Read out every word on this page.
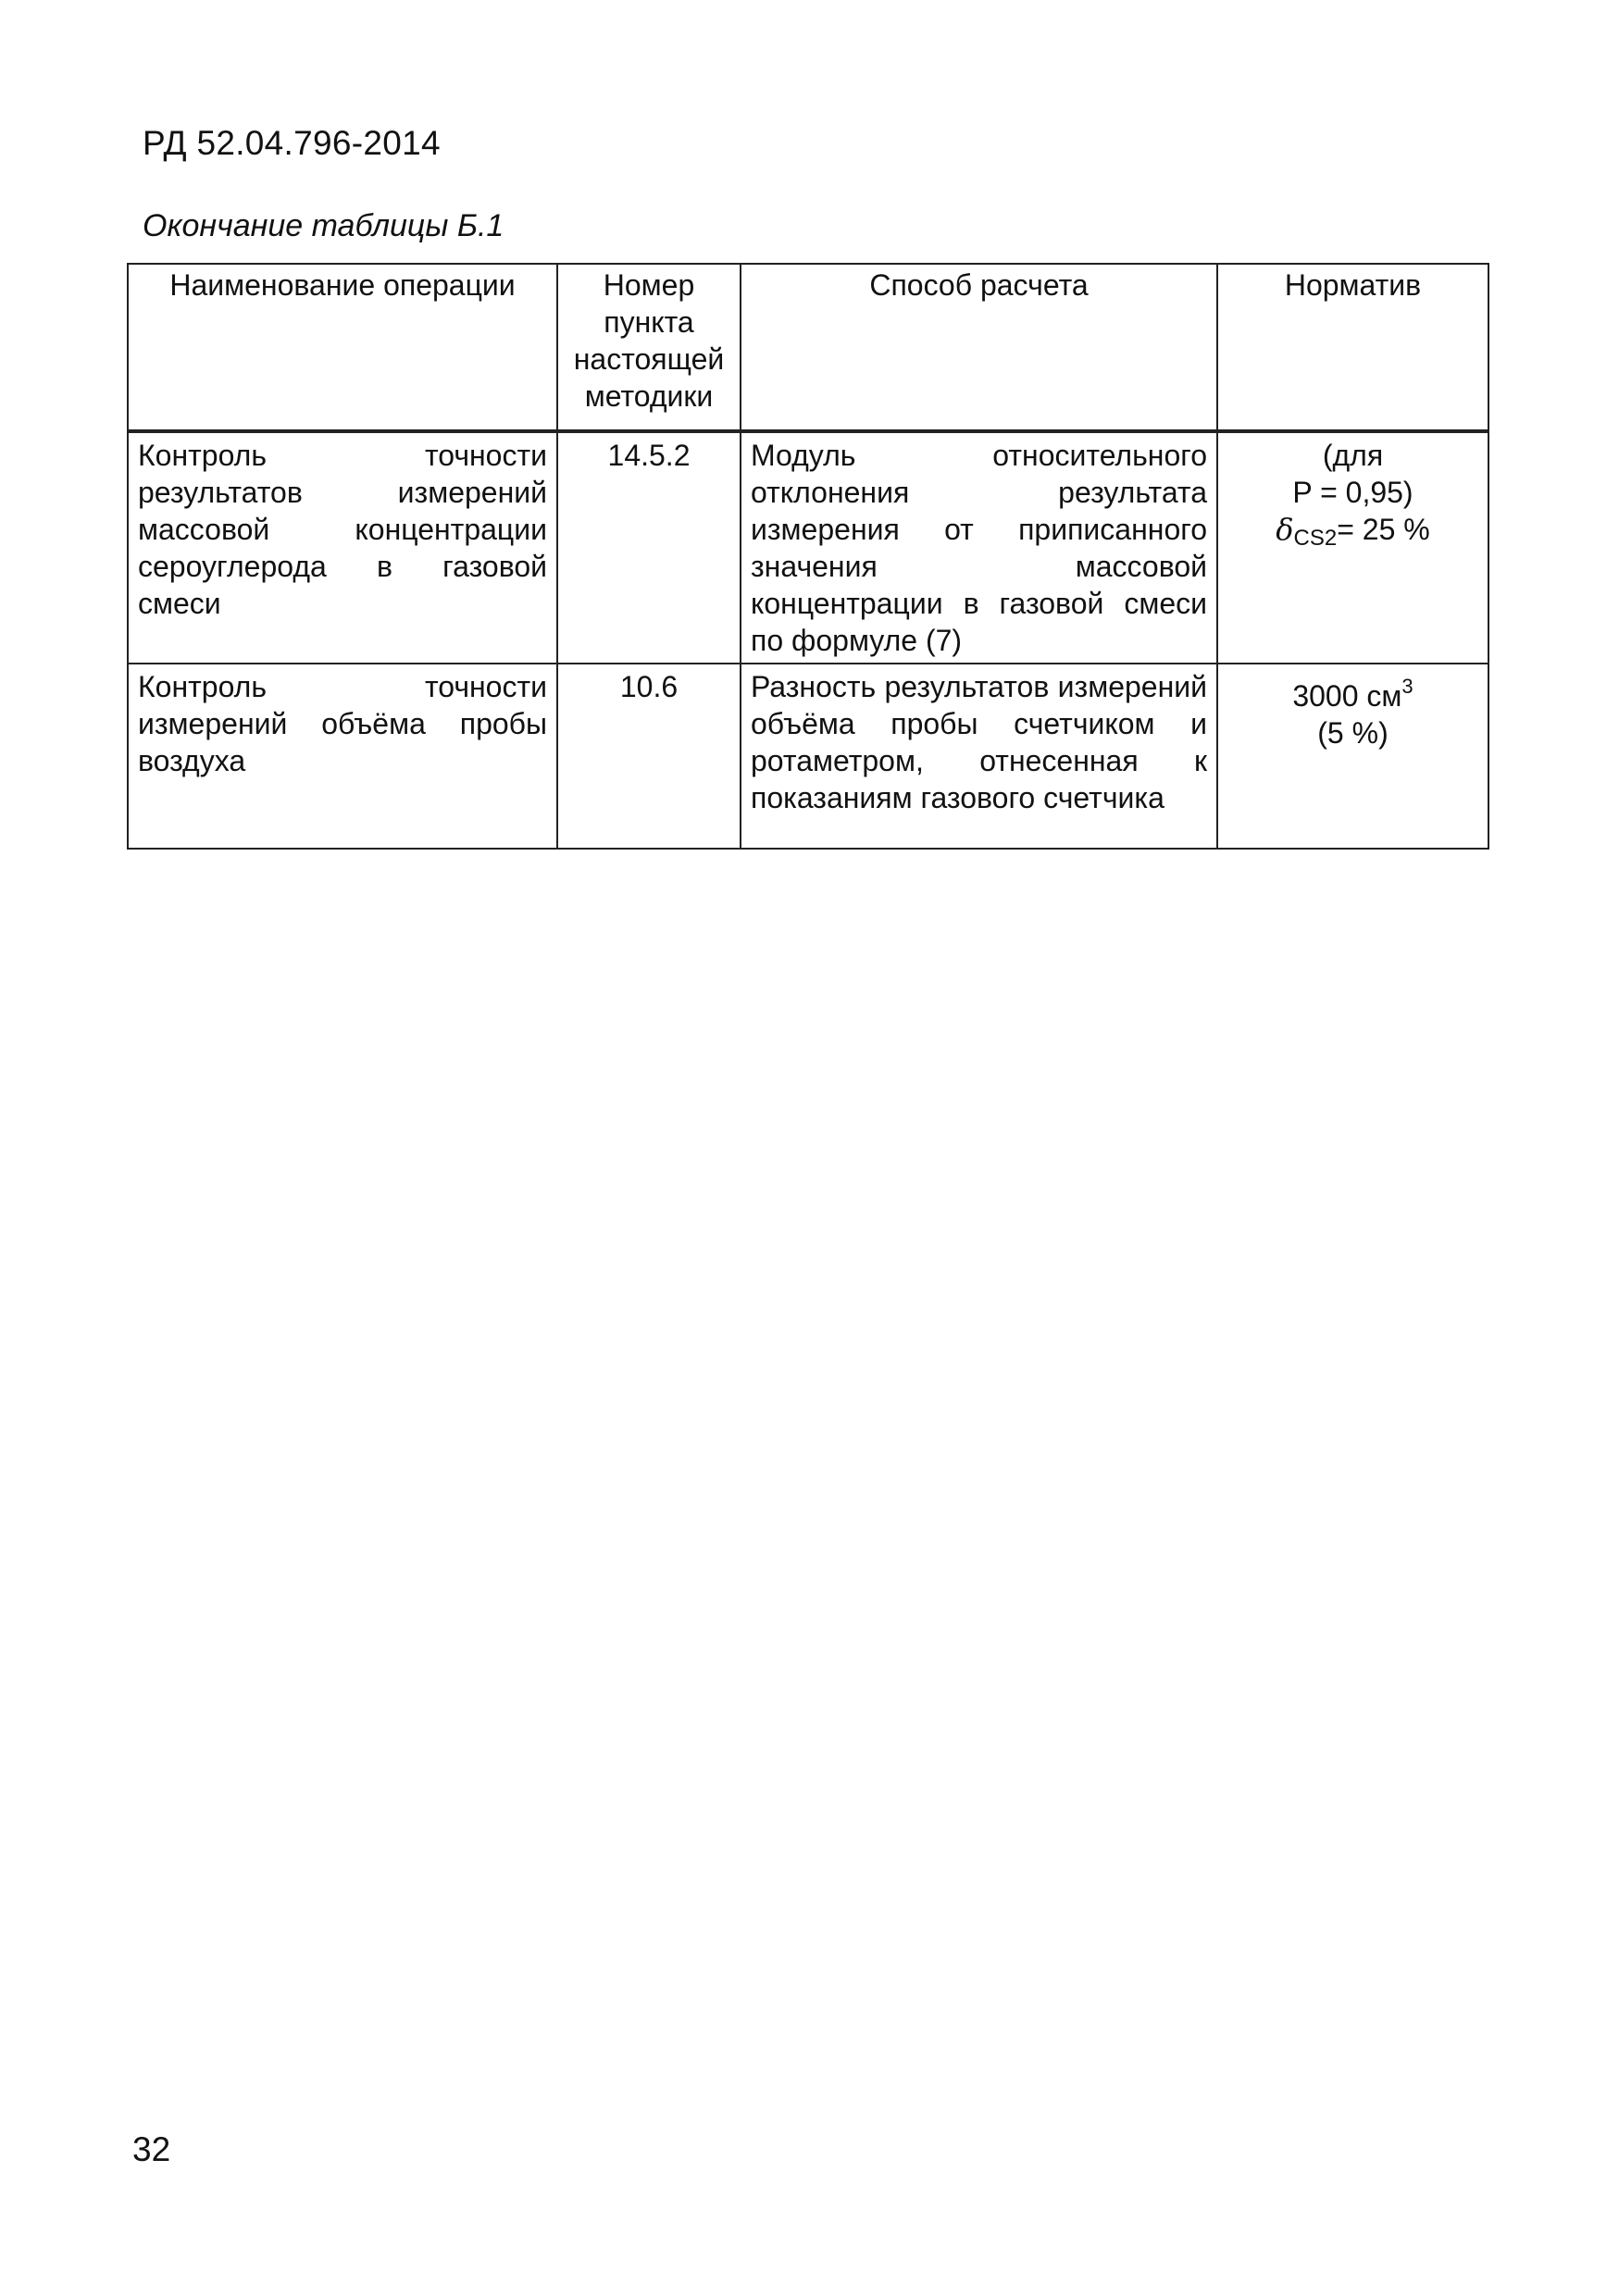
РД 52.04.796-2014
Окончание таблицы Б.1
Наименование операции	Номер пункта настоящей методики	Способ расчета	Норматив
Контроль точности результатов измерений массовой концентрации сероуглерода в газовой смеси	14.5.2	Модуль относительного отклонения результата измерения от приписанного значения массовой концентрации в газовой смеси по формуле (7)	(для
P = 0,95)
$\delta_{CS2}= 25$ %

Контроль точности измерений объёма пробы воздуха	10.6	Разность результатов измерений объёма пробы счетчиком и ротаметром, отнесенная к показаниям газового счетчика	3000 $см^3$
(5 %)
32
